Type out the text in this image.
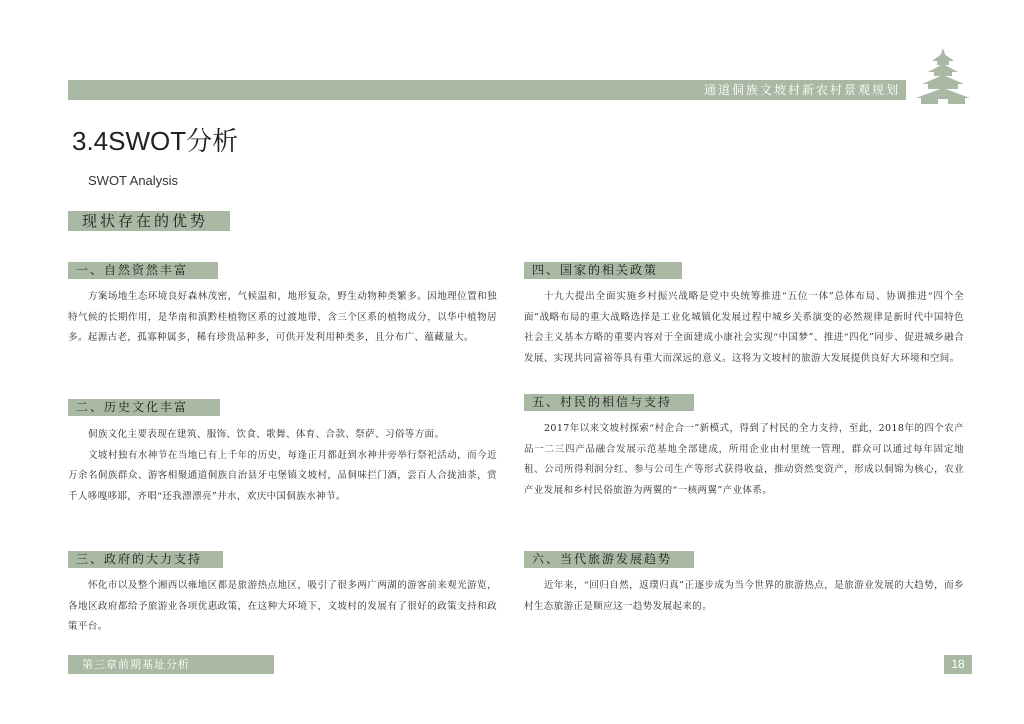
通道侗族文坡村新农村景观规划
3.4SWOT分析
SWOT Analysis
现状存在的优势
一、自然资然丰富

方案场地生态环境良好森林茂密，气候温和，地形复杂，野生动物种类繁多。因地理位置和独特气候的长期作用，是华南和滇黔桂植物区系的过渡地带，含三个区系的植物成分，以华中植物居多。起源古老，孤寡种属多，稀有珍贵品种多，可供开发利用种类多，且分布广、蕴藏量大。

二、历史文化丰富

侗族文化主要表现在建筑、服饰、饮食、歌舞、体育、合款、祭萨、习俗等方面。

文坡村独有水神节在当地已有上千年的历史，每逢正月都赶到水神井旁举行祭祀活动，而今近万余名侗族群众、游客相聚通道侗族自治县牙屯堡镇文坡村，品侗味拦门酒，尝百人合拢油茶，赏千人哆嘎哆耶，齐唱“还我漂漂亮”井水，欢庆中国侗族水神节。

三、政府的大力支持

怀化市以及整个湘西以雍地区都是旅游热点地区，吸引了很多两广两湖的游客前来观光游览，各地区政府都给予旅游业各项优惠政策，在这种大环境下，文坡村的发展有了很好的政策支持和政策平台。

四、国家的相关政策

十九大提出全面实施乡村振兴战略是党中央统筹推进“五位一体”总体布局、协调推进“四个全面”战略布局的重大战略选择是工业化城镇化发展过程中城乡关系演变的必然规律是新时代中国特色社会主义基本方略的重要内容对于全面建成小康社会实现“中国梦”、推进“四化”同步、促进城乡融合发展、实现共同富裕等具有重大而深远的意义。这将为文坡村的旅游大发展提供良好大环境和空间。

五、村民的相信与支持

2017年以来文坡村探索“村企合一”新模式，得到了村民的全力支持，至此，2018年的四个农产品一二三四产品融合发展示范基地全部建成，所用企业由村里统一管理，群众可以通过每年固定地租、公司所得利润分红、参与公司生产等形式获得收益，推动资然变资产，形成以侗锦为核心，农业产业发展和乡村民俗旅游为两翼的“一核两翼”产业体系。

六、当代旅游发展趋势

近年来，“回归自然，返璞归真”正逐步成为当今世界的旅游热点，是旅游业发展的大趋势，而乡村生态旅游正是顺应这一趋势发展起来的。

第三章前期基址分析	18
